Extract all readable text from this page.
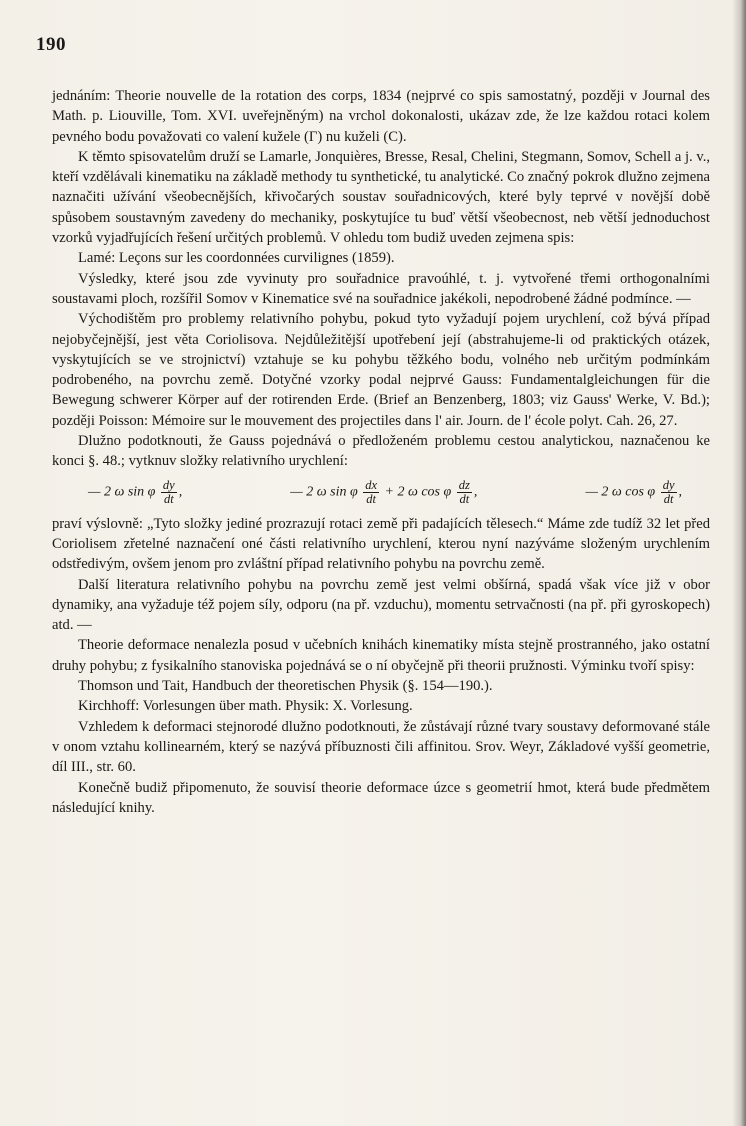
190

jednáním: Theorie nouvelle de la rotation des corps, 1834 (nejprvé co spis samostatný, později v Journal des Math. p. Liouville, Tom. XVI. uveřejněným) na vrchol dokonalosti, ukázav zde, že lze každou rotaci kolem pevného bodu považovati co valení kužele (Γ) nu kuželi (C).

K těmto spisovatelům druží se Lamarle, Jonquières, Bresse, Resal, Chelini, Stegmann, Somov, Schell a j. v., kteří vzdělávali kinematiku na základě methody tu synthetické, tu analytické. Co značný pokrok dlužno zejmena naznačiti užívání všeobecnějších, křivočarých soustav souřadnicových, které byly teprvé v novější době spůsobem soustavným zavedeny do mechaniky, poskytujíce tu buď větší všeobecnost, neb větší jednoduchost vzorků vyjadřujících řešení určitých problemů. V ohledu tom budiž uveden zejmena spis:

Lamé: Leçons sur les coordonnées curvilignes (1859).

Výsledky, které jsou zde vyvinuty pro souřadnice pravoúhlé, t. j. vytvořené třemi orthogonalními soustavami ploch, rozšířil Somov v Kinematice své na souřadnice jakékoli, nepodrobené žádné podmínce. —

Východištěm pro problemy relativního pohybu, pokud tyto vyžadují pojem urychlení, což bývá případ nejobyčejnější, jest věta Coriolisova. Nejdůležitější upotřebení její (abstrahujeme-li od praktických otázek, vyskytujících se ve strojnictví) vztahuje se ku pohybu těžkého bodu, volného neb určitým podmínkám podrobeného, na povrchu země. Dotyčné vzorky podal nejprvé Gauss: Fundamentalgleichungen für die Bewegung schwerer Körper auf der rotirenden Erde. (Brief an Benzenberg, 1803; viz Gauss' Werke, V. Bd.); později Poisson: Mémoire sur le mouvement des projectiles dans l' air. Journ. de l' école polyt. Cah. 26, 27.

Dlužno podotknouti, že Gauss pojednává o předloženém problemu cestou analytickou, naznačenou ke konci §. 48.; vytknuv složky relativního urychlení:

— 2 ω sin φ $\frac{dy}{dt}$ ,	— 2 ω sin φ $\frac{dx}{dt} + 2$ ω cos φ $\frac{dz}{dt}$ ,	— 2 ω cos φ $\frac{dy}{dt}$ ,

praví výslovně: „Tyto složky jediné prozrazují rotaci země při padajících tělesech.“ Máme zde tudíž 32 let před Coriolisem zřetelné naznačení oné části relativního urychlení, kterou nyní nazýváme složeným urychlením odstředivým, ovšem jenom pro zvláštní případ relativního pohybu na povrchu země.

Další literatura relativního pohybu na povrchu země jest velmi obšírná, spadá však více již v obor dynamiky, ana vyžaduje též pojem síly, odporu (na př. vzduchu), momentu setrvačnosti (na př. při gyroskopech) atd. —

Theorie deformace nenalezla posud v učebních knihách kinematiky místa stejně prostranného, jako ostatní druhy pohybu; z fysikalního stanoviska pojednává se o ní obyčejně při theorii pružnosti. Výminku tvoří spisy:

Thomson und Tait, Handbuch der theoretischen Physik (§. 154—190.).

Kirchhoff: Vorlesungen über math. Physik: X. Vorlesung.

Vzhledem k deformaci stejnorodé dlužno podotknouti, že zůstávají různé tvary soustavy deformované stále v onom vztahu kollinearném, který se nazývá příbuznosti čili affinitou. Srov. Weyr, Základové vyšší geometrie, díl III., str. 60.

Konečně budiž připomenuto, že souvisí theorie deformace úzce s geometrií hmot, která bude předmětem následující knihy.
